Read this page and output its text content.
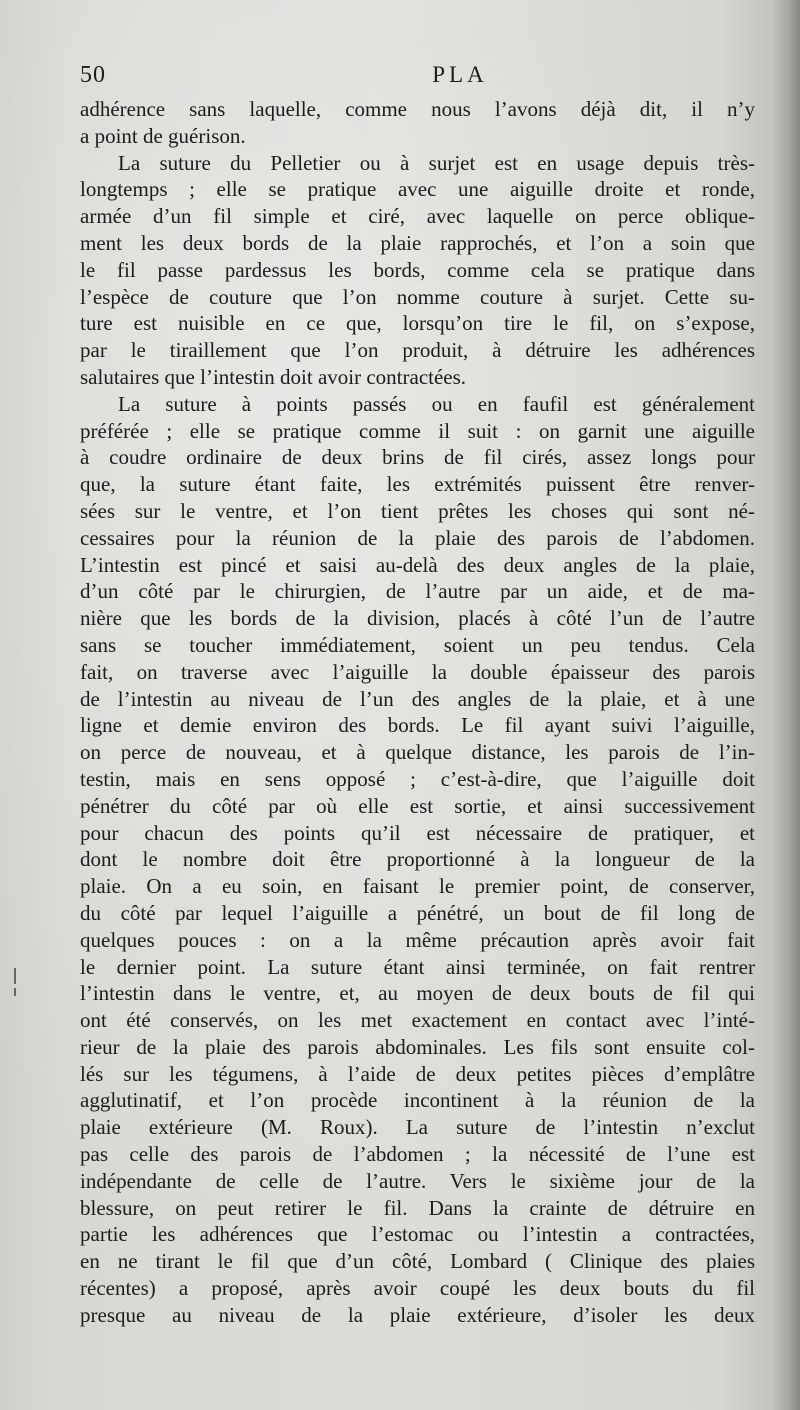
50	PLA
adhérence sans laquelle, comme nous l’avons déjà dit, il n’y
a point de guérison.
La suture du Pelletier ou à surjet est en usage depuis très-
longtemps ; elle se pratique avec une aiguille droite et ronde,
armée d’un fil simple et ciré, avec laquelle on perce oblique-
ment les deux bords de la plaie rapprochés, et l’on a soin que
le fil passe pardessus les bords, comme cela se pratique dans
l’espèce de couture que l’on nomme couture à surjet. Cette su-
ture est nuisible en ce que, lorsqu’on tire le fil, on s’expose,
par le tiraillement que l’on produit, à détruire les adhérences
salutaires que l’intestin doit avoir contractées.
La suture à points passés ou en faufil est généralement
préférée ; elle se pratique comme il suit : on garnit une aiguille
à coudre ordinaire de deux brins de fil cirés, assez longs pour
que, la suture étant faite, les extrémités puissent être renver-
sées sur le ventre, et l’on tient prêtes les choses qui sont né-
cessaires pour la réunion de la plaie des parois de l’abdomen.
L’intestin est pincé et saisi au-delà des deux angles de la plaie,
d’un côté par le chirurgien, de l’autre par un aide, et de ma-
nière que les bords de la division, placés à côté l’un de l’autre
sans se toucher immédiatement, soient un peu tendus. Cela
fait, on traverse avec l’aiguille la double épaisseur des parois
de l’intestin au niveau de l’un des angles de la plaie, et à une
ligne et demie environ des bords. Le fil ayant suivi l’aiguille,
on perce de nouveau, et à quelque distance, les parois de l’in-
testin, mais en sens opposé ; c’est-à-dire, que l’aiguille doit
pénétrer du côté par où elle est sortie, et ainsi successivement
pour chacun des points qu’il est nécessaire de pratiquer, et
dont le nombre doit être proportionné à la longueur de la
plaie. On a eu soin, en faisant le premier point, de conserver,
du côté par lequel l’aiguille a pénétré, un bout de fil long de
quelques pouces : on a la même précaution après avoir fait
le dernier point. La suture étant ainsi terminée, on fait rentrer
l’intestin dans le ventre, et, au moyen de deux bouts de fil qui
ont été conservés, on les met exactement en contact avec l’inté-
rieur de la plaie des parois abdominales. Les fils sont ensuite col-
lés sur les tégumens, à l’aide de deux petites pièces d’emplâtre
agglutinatif, et l’on procède incontinent à la réunion de la
plaie extérieure (M. Roux). La suture de l’intestin n’exclut
pas celle des parois de l’abdomen ; la nécessité de l’une est
indépendante de celle de l’autre. Vers le sixième jour de la
blessure, on peut retirer le fil. Dans la crainte de détruire en
partie les adhérences que l’estomac ou l’intestin a contractées,
en ne tirant le fil que d’un côté, Lombard ( Clinique des plaies
récentes) a proposé, après avoir coupé les deux bouts du fil
presque au niveau de la plaie extérieure, d’isoler les deux
